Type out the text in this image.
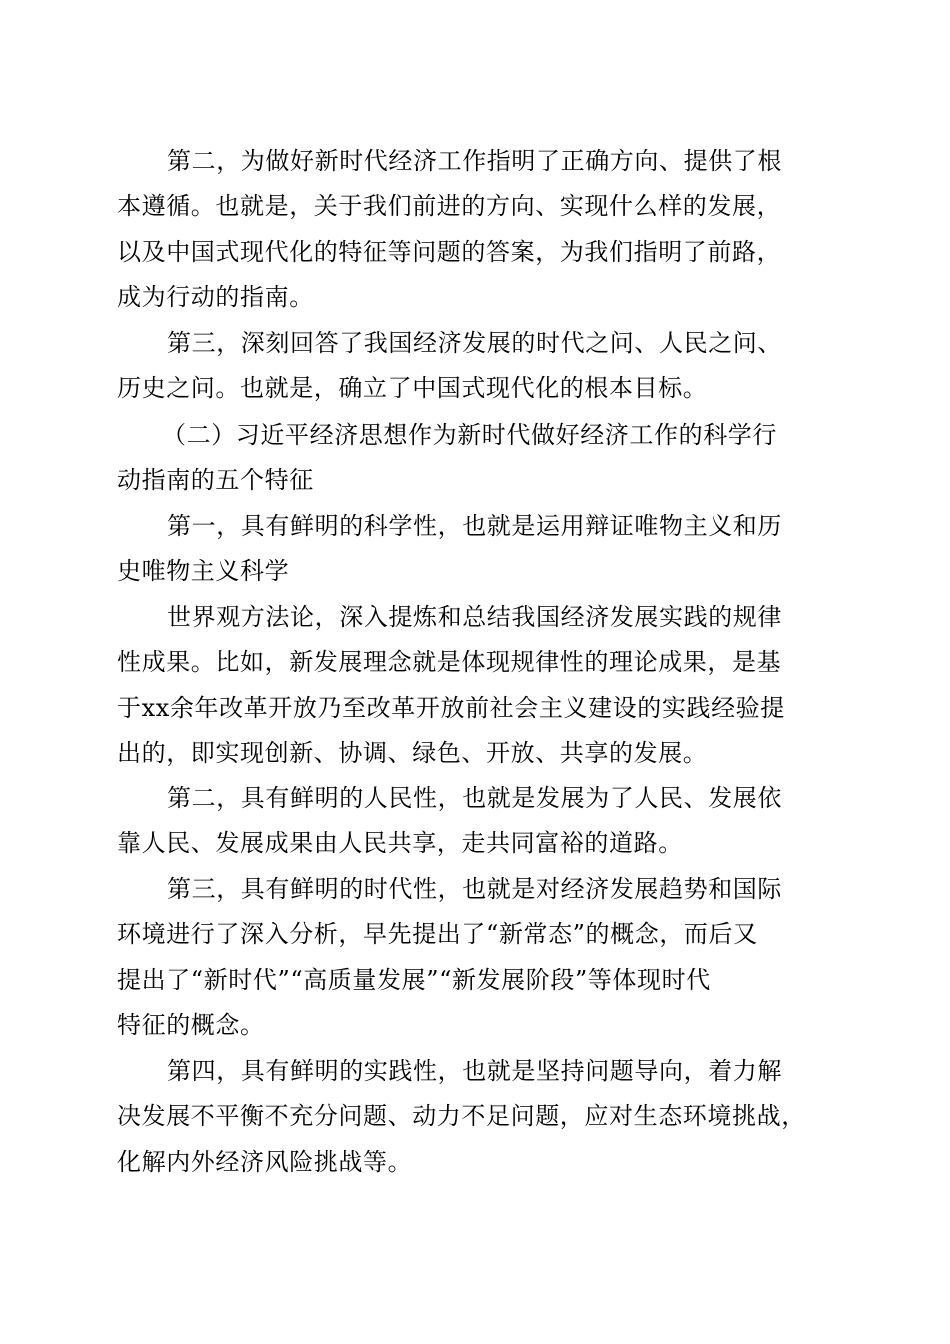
第二，为做好新时代经济工作指明了正确方向、提供了根
本遵循。也就是，关于我们前进的方向、实现什么样的发展，
以及中国式现代化的特征等问题的答案，为我们指明了前路，
成为行动的指南。
第三，深刻回答了我国经济发展的时代之问、人民之问、
历史之问。也就是，确立了中国式现代化的根本目标。
（二）习近平经济思想作为新时代做好经济工作的科学行
动指南的五个特征
第一，具有鲜明的科学性，也就是运用辩证唯物主义和历
史唯物主义科学
世界观方法论，深入提炼和总结我国经济发展实践的规律
性成果。比如，新发展理念就是体现规律性的理论成果，是基
于xx余年改革开放乃至改革开放前社会主义建设的实践经验提
出的，即实现创新、协调、绿色、开放、共享的发展。
第二，具有鲜明的人民性，也就是发展为了人民、发展依
靠人民、发展成果由人民共享，走共同富裕的道路。
第三，具有鲜明的时代性，也就是对经济发展趋势和国际
环境进行了深入分析，早先提出了“新常态”的概念，而后又
提出了“新时代”“高质量发展”“新发展阶段”等体现时代
特征的概念。
第四，具有鲜明的实践性，也就是坚持问题导向，着力解
决发展不平衡不充分问题、动力不足问题，应对生态环境挑战，
化解内外经济风险挑战等。
